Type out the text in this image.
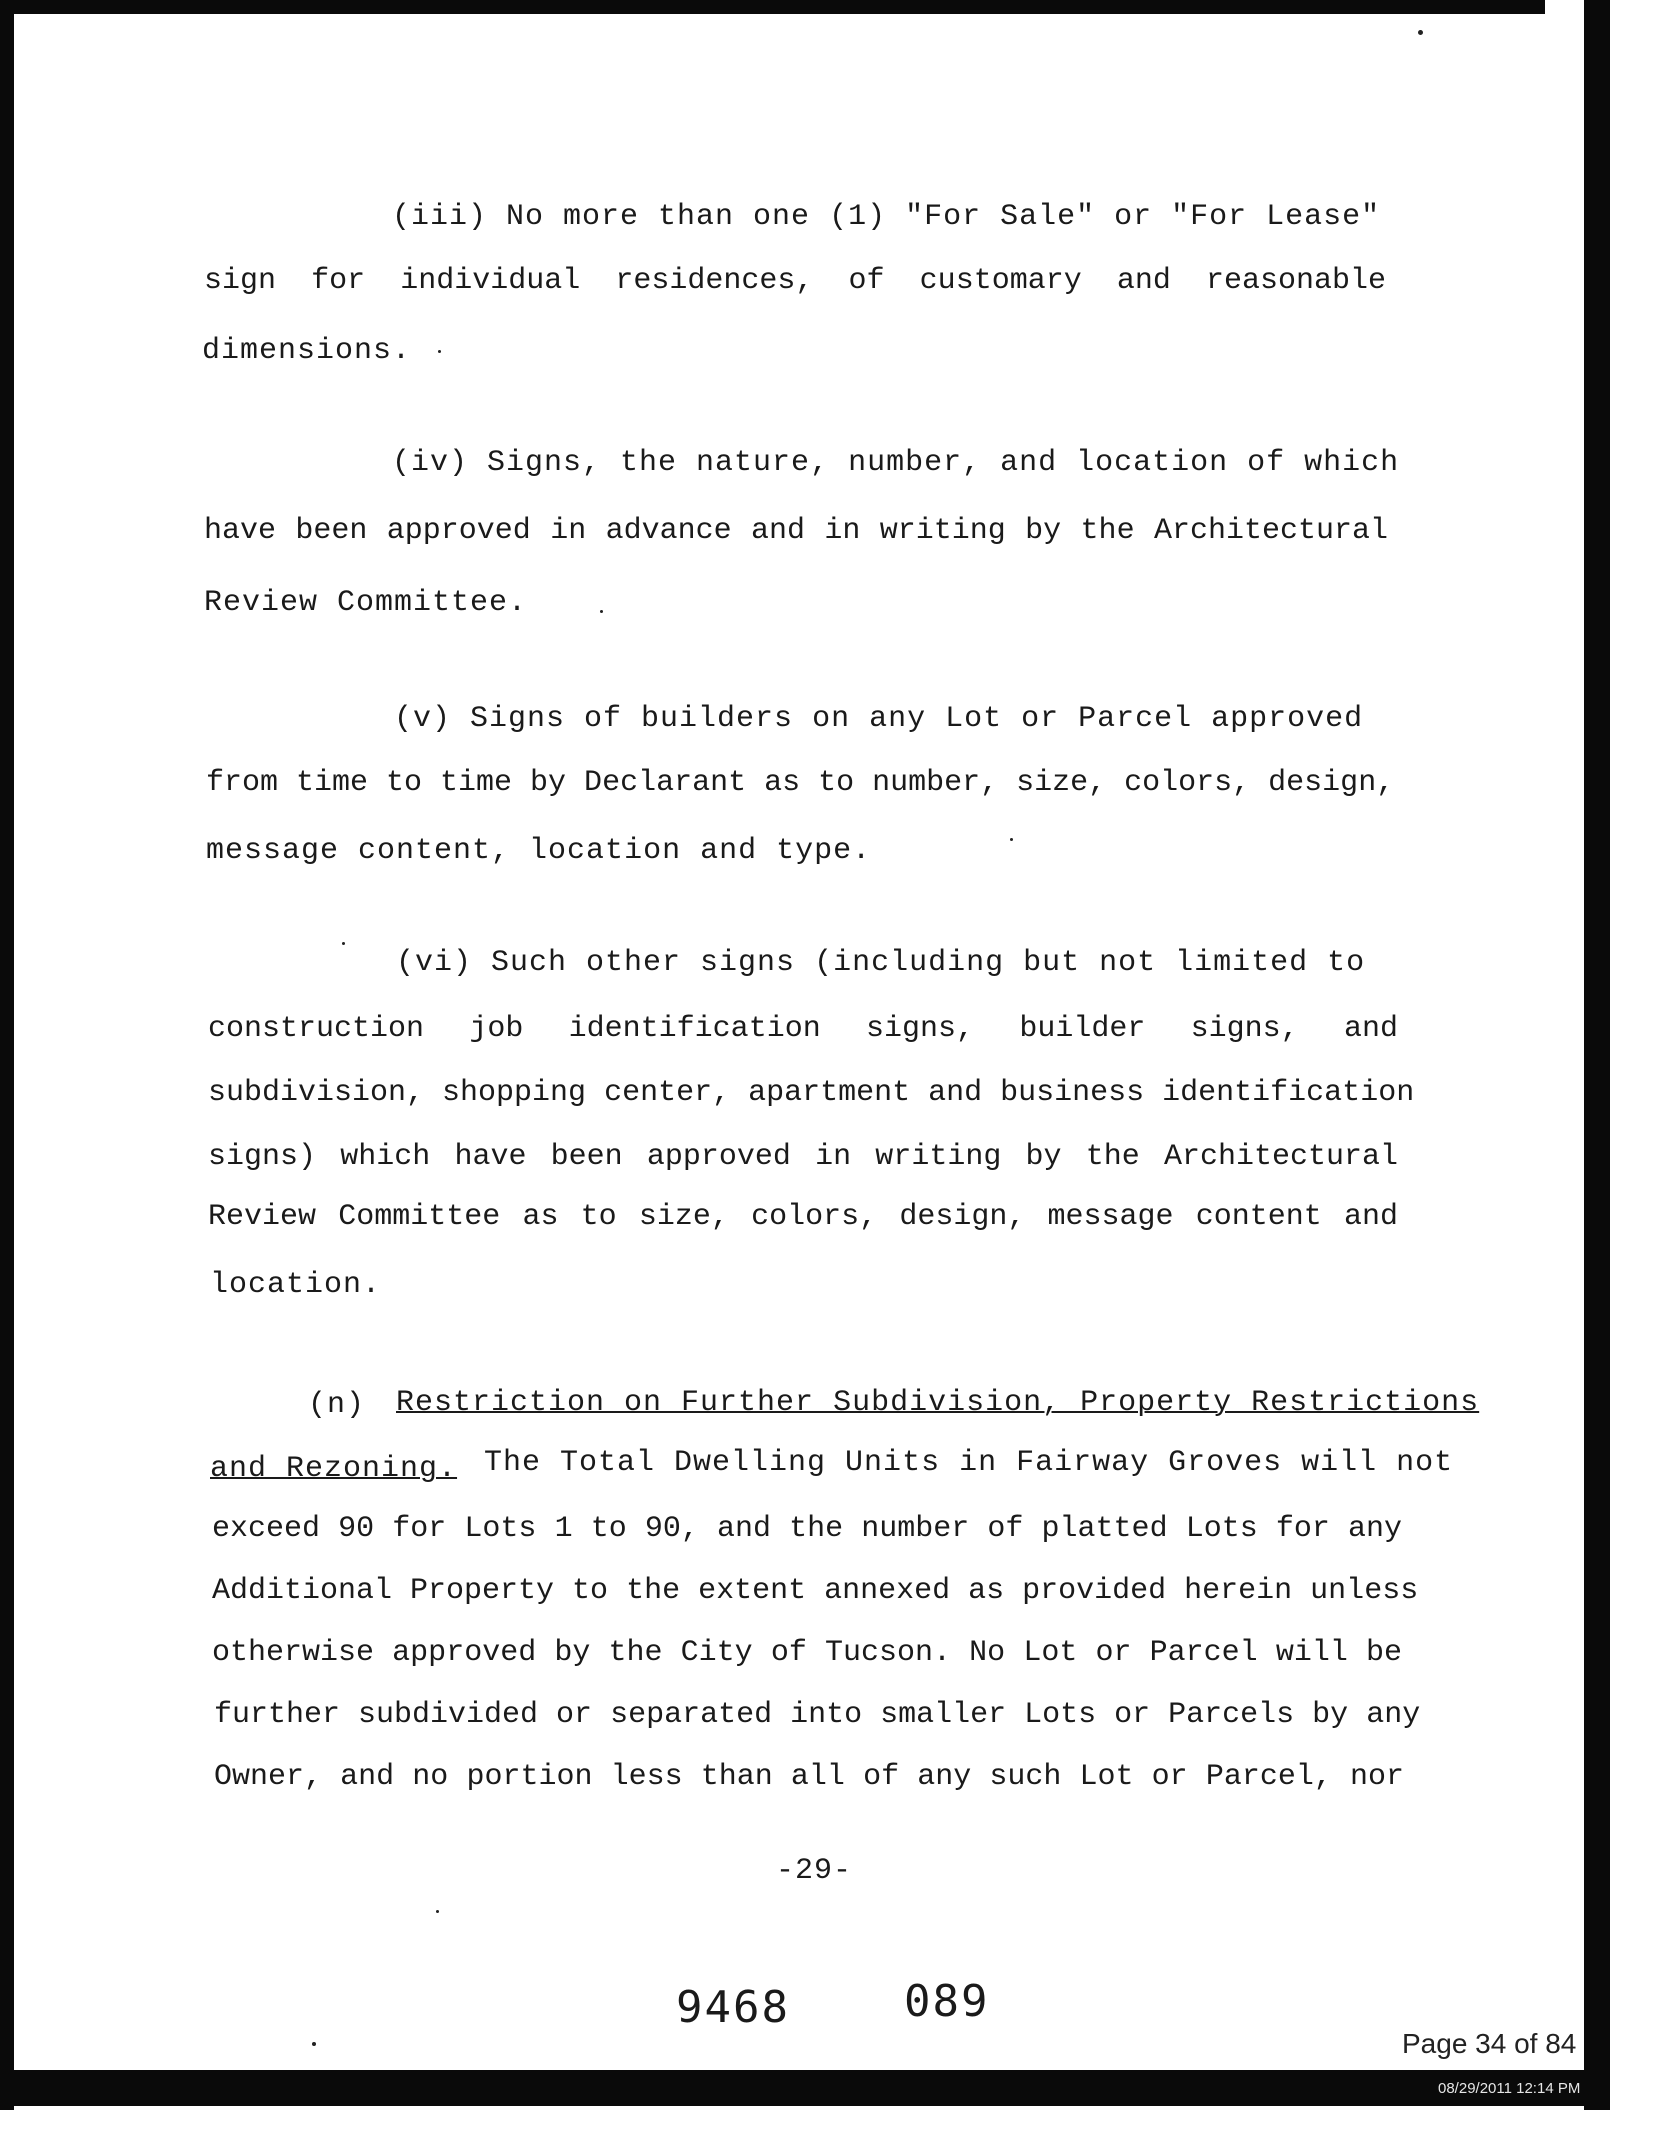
(iii) No more than one (1) "For Sale" or "For Lease"
sign for individual residences, of customary and reasonable
dimensions.
(iv) Signs, the nature, number, and location of which
have been approved in advance and in writing by the Architectural
Review Committee.
(v) Signs of builders on any Lot or Parcel approved
from time to time by Declarant as to number, size, colors, design,
message content, location and type.
(vi) Such other signs (including but not limited to
construction job identification signs, builder signs, and
subdivision, shopping center, apartment and business identification
signs) which have been approved in writing by the Architectural
Review Committee as to size, colors, design, message content and
location.
(n) Restriction on Further Subdivision, Property Restrictions
and Rezoning. The Total Dwelling Units in Fairway Groves will not
exceed 90 for Lots 1 to 90, and the number of platted Lots for any
Additional Property to the extent annexed as provided herein unless
otherwise approved by the City of Tucson. No Lot or Parcel will be
further subdivided or separated into smaller Lots or Parcels by any
Owner, and no portion less than all of any such Lot or Parcel, nor
-29-
9468	089
Page 34 of 84
08/29/2011 12:14 PM
